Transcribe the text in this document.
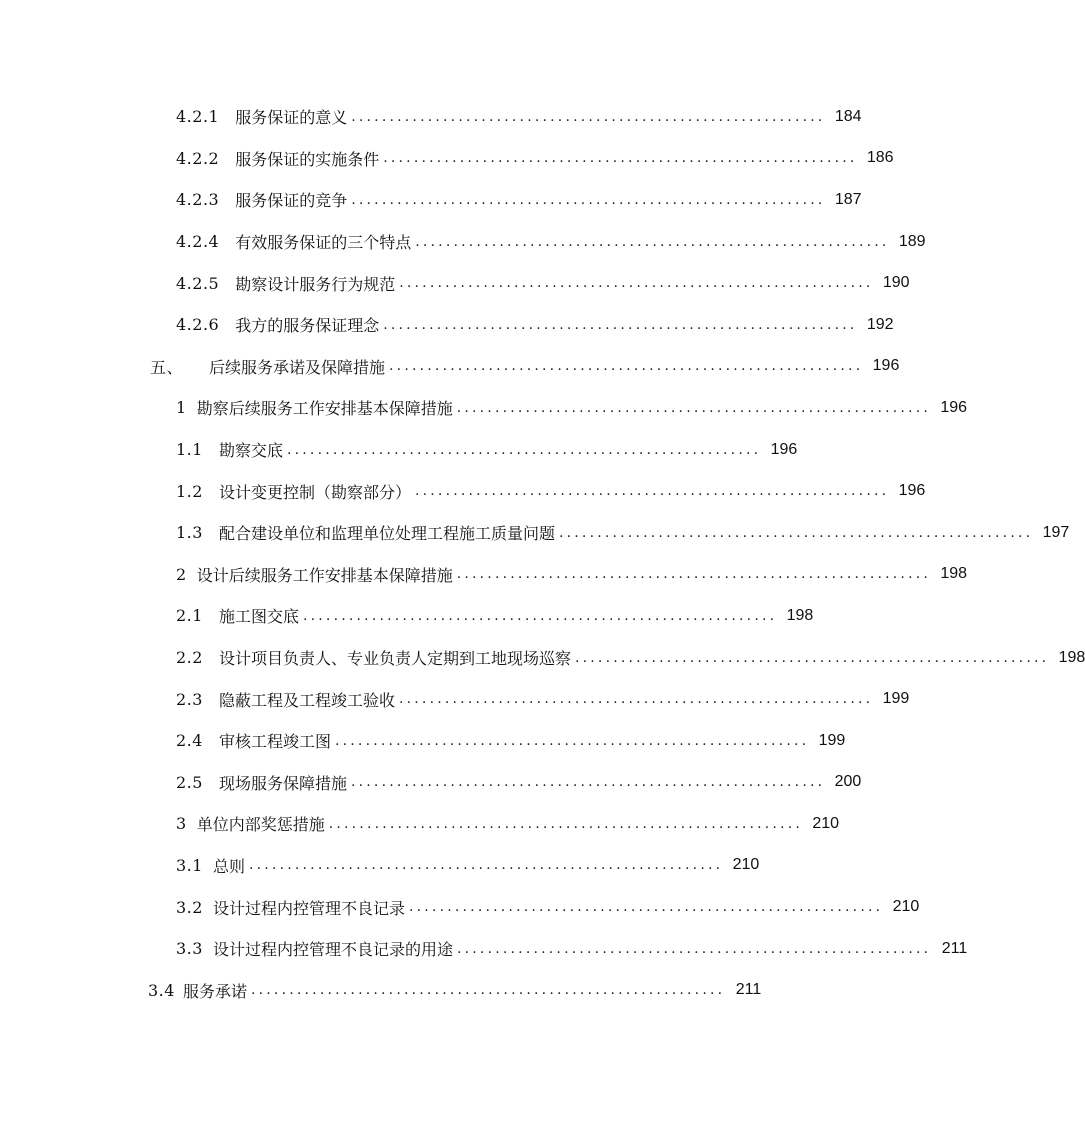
4.2.1 服务保证的意义 .............................................................. 184
4.2.2 服务保证的实施条件 .............................................................. 186
4.2.3 服务保证的竞争 .............................................................. 187
4.2.4 有效服务保证的三个特点 .............................................................. 189
4.2.5 勘察设计服务行为规范 .............................................................. 190
4.2.6 我方的服务保证理念 .............................................................. 192
五、 后续服务承诺及保障措施 .............................................................. 196
1 勘察后续服务工作安排基本保障措施 .............................................................. 196
1.1 勘察交底 .............................................................. 196
1.2 设计变更控制（勘察部分） .............................................................. 196
1.3 配合建设单位和监理单位处理工程施工质量问题 .............................................................. 197
2 设计后续服务工作安排基本保障措施 .............................................................. 198
2.1 施工图交底 .............................................................. 198
2.2 设计项目负责人、专业负责人定期到工地现场巡察 .............................................................. 198
2.3 隐蔽工程及工程竣工验收 .............................................................. 199
2.4 审核工程竣工图 .............................................................. 199
2.5 现场服务保障措施 .............................................................. 200
3 单位内部奖惩措施 .............................................................. 210
3.1 总则 .............................................................. 210
3.2 设计过程内控管理不良记录 .............................................................. 210
3.3 设计过程内控管理不良记录的用途 .............................................................. 211
3.4 服务承诺 .............................................................. 211
